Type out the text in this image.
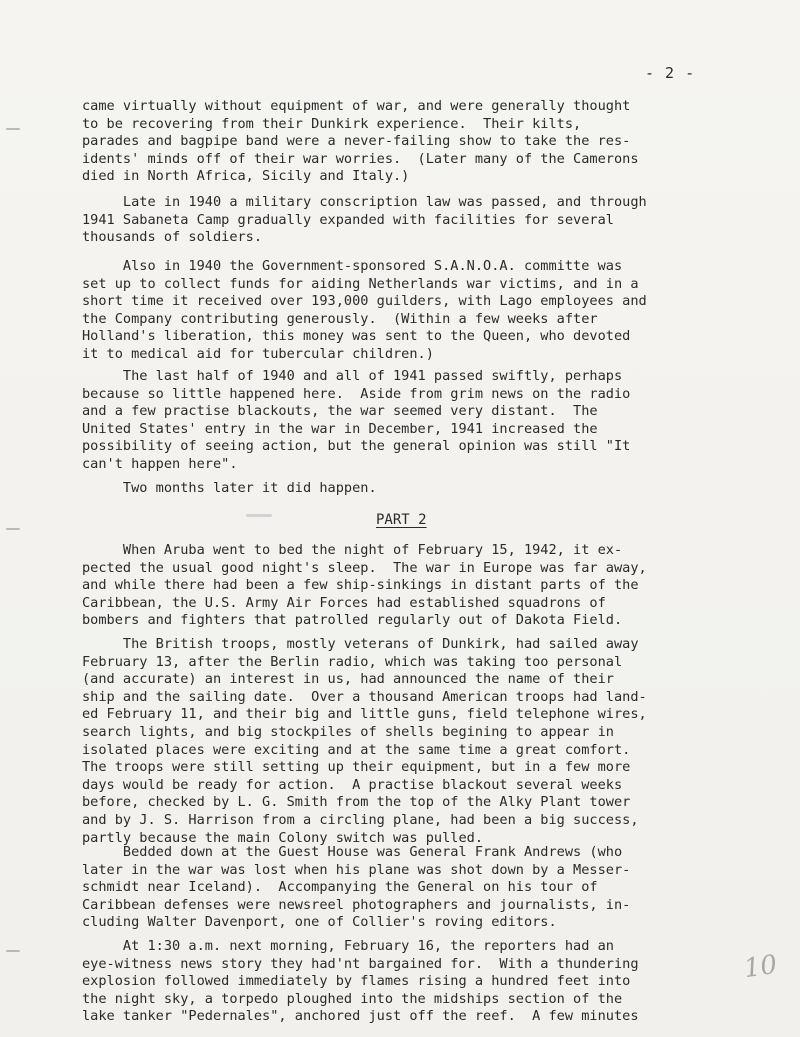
- 2 -
came virtually without equipment of war, and were generally thought
to be recovering from their Dunkirk experience.  Their kilts,
parades and bagpipe band were a never-failing show to take the res-
idents' minds off of their war worries.  (Later many of the Camerons
died in North Africa, Sicily and Italy.)
Late in 1940 a military conscription law was passed, and through
1941 Sabaneta Camp gradually expanded with facilities for several
thousands of soldiers.
Also in 1940 the Government-sponsored S.A.N.O.A. committe was
set up to collect funds for aiding Netherlands war victims, and in a
short time it received over 193,000 guilders, with Lago employees and
the Company contributing generously.  (Within a few weeks after
Holland's liberation, this money was sent to the Queen, who devoted
it to medical aid for tubercular children.)
The last half of 1940 and all of 1941 passed swiftly, perhaps
because so little happened here.  Aside from grim news on the radio
and a few practise blackouts, the war seemed very distant.  The
United States' entry in the war in December, 1941 increased the
possibility of seeing action, but the general opinion was still "It
can't happen here".
Two months later it did happen.
PART 2
When Aruba went to bed the night of February 15, 1942, it ex-
pected the usual good night's sleep.  The war in Europe was far away,
and while there had been a few ship-sinkings in distant parts of the
Caribbean, the U.S. Army Air Forces had established squadrons of
bombers and fighters that patrolled regularly out of Dakota Field.
The British troops, mostly veterans of Dunkirk, had sailed away
February 13, after the Berlin radio, which was taking too personal
(and accurate) an interest in us, had announced the name of their
ship and the sailing date.  Over a thousand American troops had land-
ed February 11, and their big and little guns, field telephone wires,
search lights, and big stockpiles of shells begining to appear in
isolated places were exciting and at the same time a great comfort.
The troops were still setting up their equipment, but in a few more
days would be ready for action.  A practise blackout several weeks
before, checked by L. G. Smith from the top of the Alky Plant tower
and by J. S. Harrison from a circling plane, had been a big success,
partly because the main Colony switch was pulled.
Bedded down at the Guest House was General Frank Andrews (who
later in the war was lost when his plane was shot down by a Messer-
schmidt near Iceland).  Accompanying the General on his tour of
Caribbean defenses were newsreel photographers and journalists, in-
cluding Walter Davenport, one of Collier's roving editors.
At 1:30 a.m. next morning, February 16, the reporters had an
eye-witness news story they had'nt bargained for.  With a thundering
explosion followed immediately by flames rising a hundred feet into
the night sky, a torpedo ploughed into the midships section of the
lake tanker "Pedernales", anchored just off the reef.  A few minutes
10
